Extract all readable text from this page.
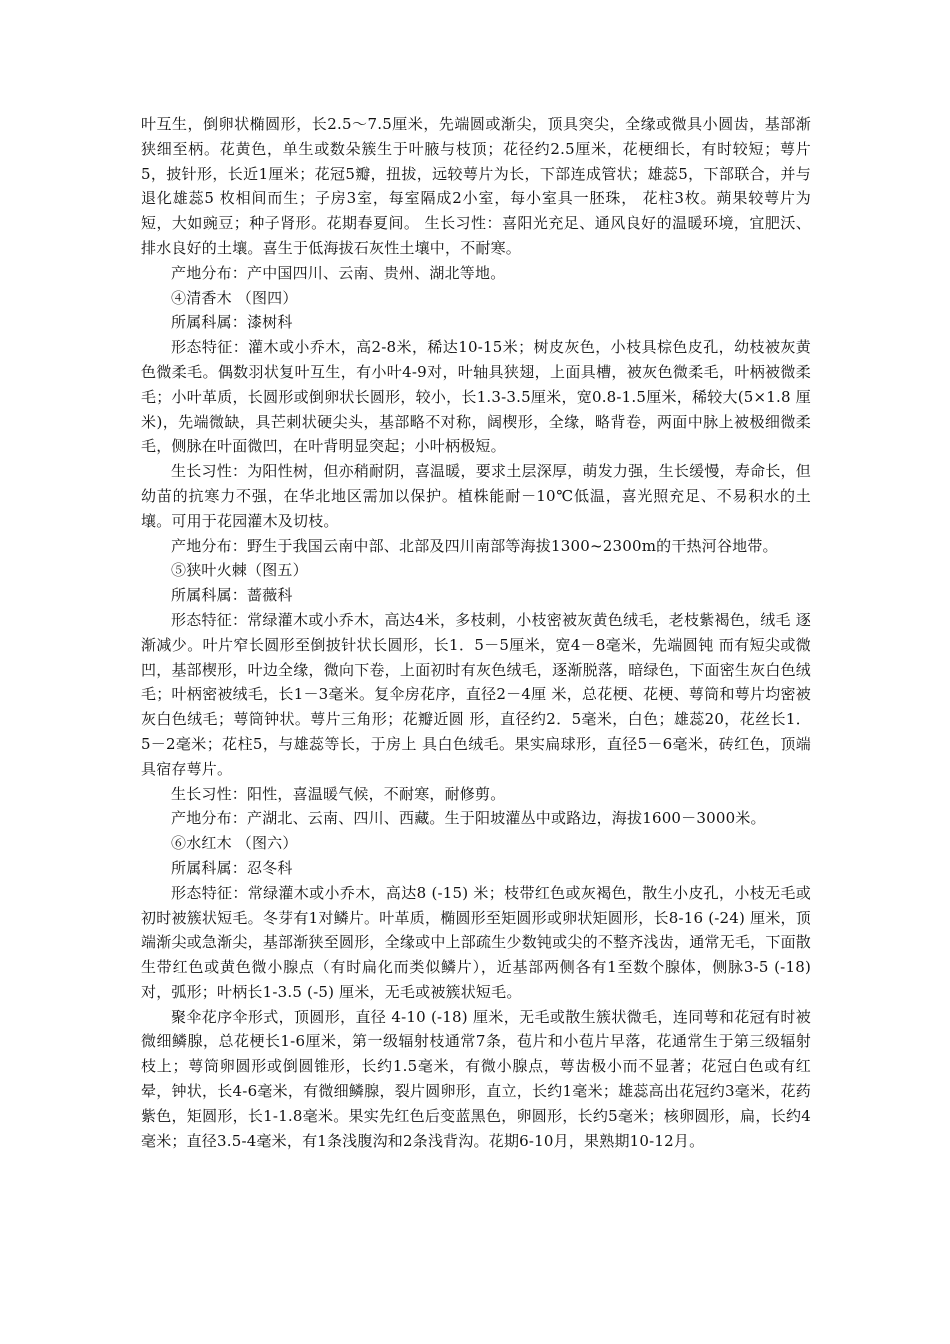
叶互生，倒卵状椭圆形，长2.5～7.5厘米，先端圆或渐尖，顶具突尖，全缘或微具小圆齿，基部渐狭细至柄。花黄色，单生或数朵簇生于叶腋与枝顶；花径约2.5厘米，花梗细长，有时较短；萼片5，披针形，长近1厘米；花冠5瓣，扭拔，远较萼片为长，下部连成管状；雄蕊5，下部联合，并与退化雄蕊5 枚相间而生；子房3室，每室隔成2小室，每小室具一胚珠， 花柱3枚。蒴果较萼片为短，大如豌豆；种子肾形。花期春夏间。 生长习性：喜阳光充足、通风良好的温暖环境，宜肥沃、排水良好的土壤。喜生于低海拔石灰性土壤中，不耐寒。

产地分布：产中国四川、云南、贵州、湖北等地。

④清香木 （图四）

所属科属：漆树科

形态特征：灌木或小乔木，高2-8米，稀达10-15米；树皮灰色，小枝具棕色皮孔，幼枝被灰黄色微柔毛。偶数羽状复叶互生，有小叶4-9对，叶轴具狭翅，上面具槽，被灰色微柔毛，叶柄被微柔毛；小叶革质，长圆形或倒卵状长圆形，较小，长1.3-3.5厘米，宽0.8-1.5厘米，稀较大(5×1.8 厘米)，先端微缺，具芒刺状硬尖头，基部略不对称，阔楔形，全缘，略背卷，两面中脉上被极细微柔毛，侧脉在叶面微凹，在叶背明显突起；小叶柄极短。

生长习性：为阳性树，但亦稍耐阴，喜温暖，要求土层深厚，萌发力强，生长缓慢，寿命长，但幼苗的抗寒力不强，在华北地区需加以保护。植株能耐－10℃低温，喜光照充足、不易积水的土壤。可用于花园灌木及切枝。

产地分布：野生于我国云南中部、北部及四川南部等海拔1300~2300m的干热河谷地带。

⑤狭叶火棘（图五）

所属科属：蔷薇科

形态特征：常绿灌木或小乔木，高达4米，多枝刺，小枝密被灰黄色绒毛，老枝紫褐色，绒毛 逐渐减少。叶片窄长圆形至倒披针状长圆形，长1．5－5厘米，宽4－8毫米，先端圆钝 而有短尖或微凹，基部楔形，叶边全缘，微向下卷，上面初时有灰色绒毛，逐渐脱落，暗绿色，下面密生灰白色绒毛；叶柄密被绒毛，长1－3毫米。复伞房花序，直径2－4厘 米，总花梗、花梗、萼筒和萼片均密被灰白色绒毛；萼筒钟状。萼片三角形；花瓣近圆 形，直径约2．5毫米，白色；雄蕊20，花丝长1．5－2毫米；花柱5，与雄蕊等长，于房上 具白色绒毛。果实扁球形，直径5－6毫米，砖红色，顶端具宿存萼片。

生长习性：阳性，喜温暖气候，不耐寒，耐修剪。

产地分布：产湖北、云南、四川、西藏。生于阳坡灌丛中或路边，海拔1600－3000米。

⑥水红木 （图六）

所属科属：忍冬科

形态特征：常绿灌木或小乔木，高达8 (-15) 米；枝带红色或灰褐色，散生小皮孔，小枝无毛或初时被簇状短毛。冬芽有1对鳞片。叶革质，椭圆形至矩圆形或卵状矩圆形，长8-16 (-24) 厘米，顶端渐尖或急渐尖，基部渐狭至圆形，全缘或中上部疏生少数钝或尖的不整齐浅齿，通常无毛，下面散生带红色或黄色微小腺点（有时扁化而类似鳞片），近基部两侧各有1至数个腺体，侧脉3-5 (-18) 对，弧形；叶柄长1-3.5 (-5) 厘米，无毛或被簇状短毛。

聚伞花序伞形式，顶圆形，直径 4-10 (-18) 厘米，无毛或散生簇状微毛，连同萼和花冠有时被微细鳞腺，总花梗长1-6厘米，第一级辐射枝通常7条，苞片和小苞片早落，花通常生于第三级辐射枝上；萼筒卵圆形或倒圆锥形，长约1.5毫米，有微小腺点，萼齿极小而不显著；花冠白色或有红晕，钟状，长4-6毫米，有微细鳞腺，裂片圆卵形，直立，长约1毫米；雄蕊高出花冠约3毫米，花药紫色，矩圆形，长1-1.8毫米。果实先红色后变蓝黑色，卵圆形，长约5毫米；核卵圆形，扁，长约4毫米；直径3.5-4毫米，有1条浅腹沟和2条浅背沟。花期6-10月，果熟期10-12月。
